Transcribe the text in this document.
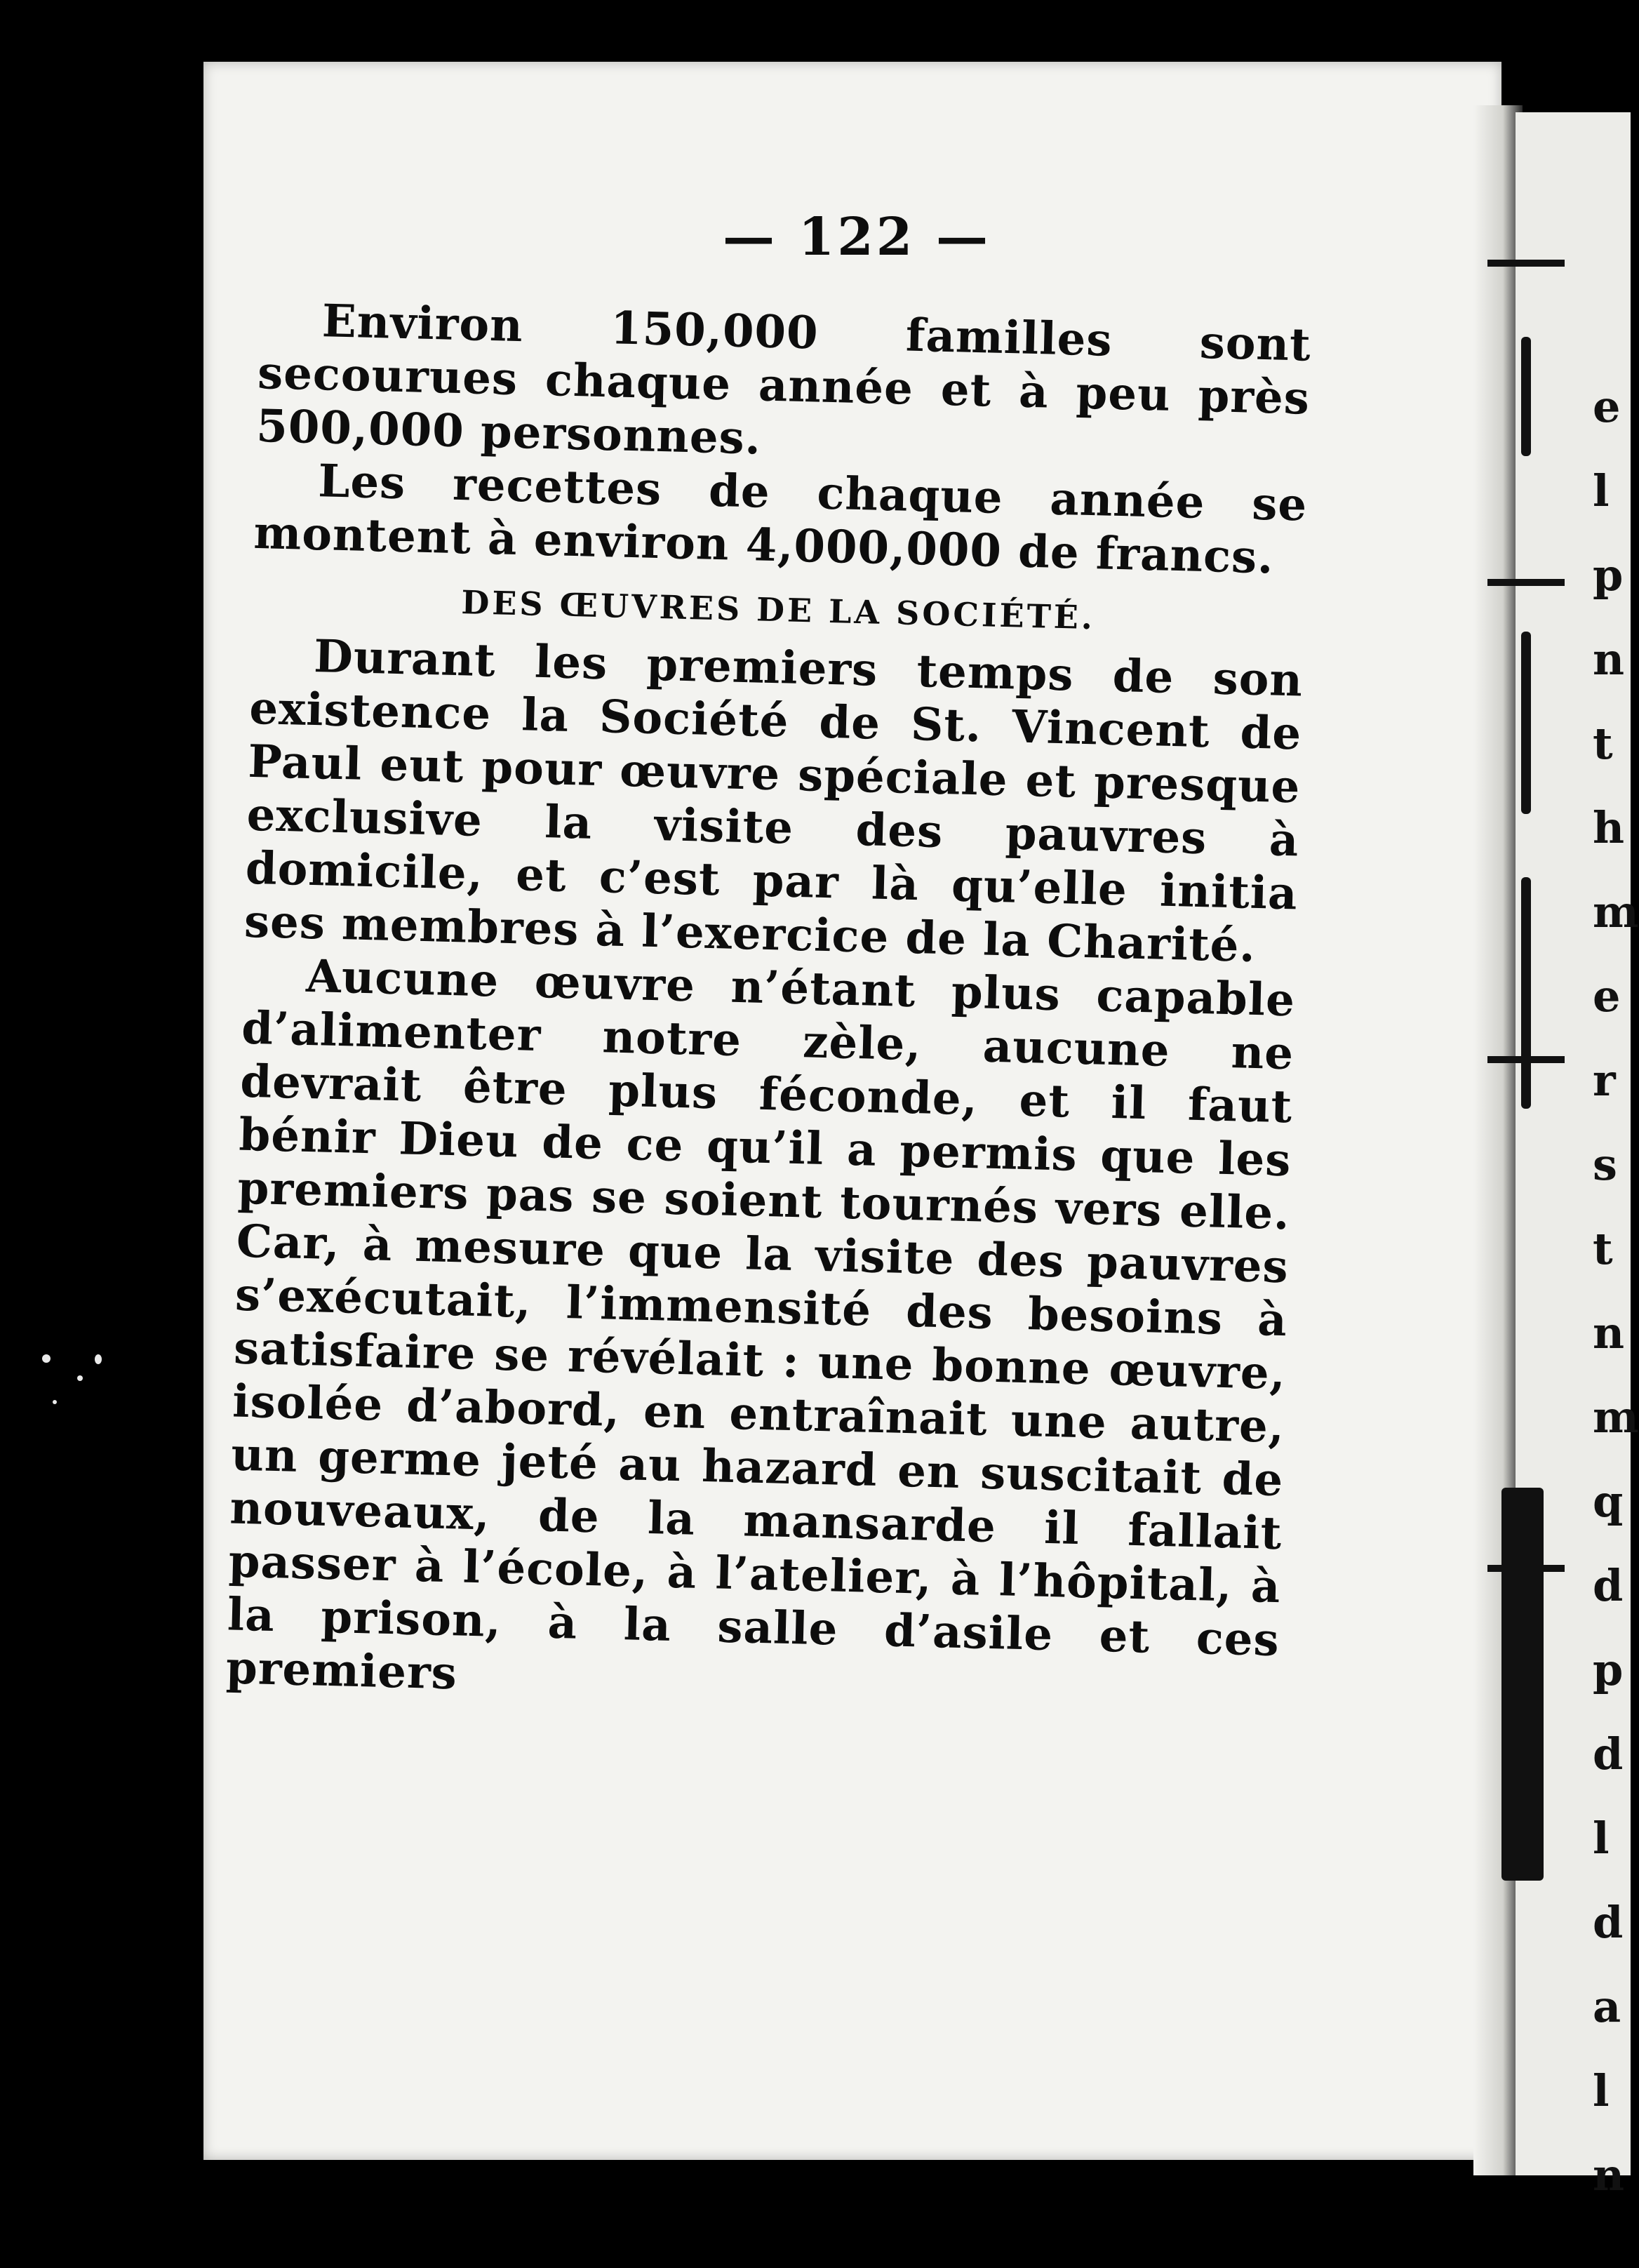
— 122 —

Environ 150,000 familles sont secourues chaque année et à peu près 500,000 personnes.

Les recettes de chaque année se montent à environ 4,000,000 de francs.

DES ŒUVRES DE LA SOCIÉTÉ.

Durant les premiers temps de son existence la Société de St. Vincent de Paul eut pour œuvre spéciale et presque exclusive la visite des pauvres à domicile, et c’est par là qu’elle initia ses membres à l’exercice de la Charité.

Aucune œuvre n’étant plus capable d’alimenter notre zèle, aucune ne devrait être plus féconde, et il faut bénir Dieu de ce qu’il a permis que les premiers pas se soient tournés vers elle. Car, à mesure que la visite des pauvres s’exécutait, l’immensité des besoins à satisfaire se révélait : une bonne œuvre, isolée d’abord, en entraînait une autre, un germe jeté au hazard en suscitait de nouveaux, de la mansarde il fallait passer à l’école, à l’atelier, à l’hôpital, à la prison, à la salle d’asile et ces premiers

e
l
p
n
t
h
m
e
r
s
t
n
m
q
d
p
d
l
d
a
l
n
